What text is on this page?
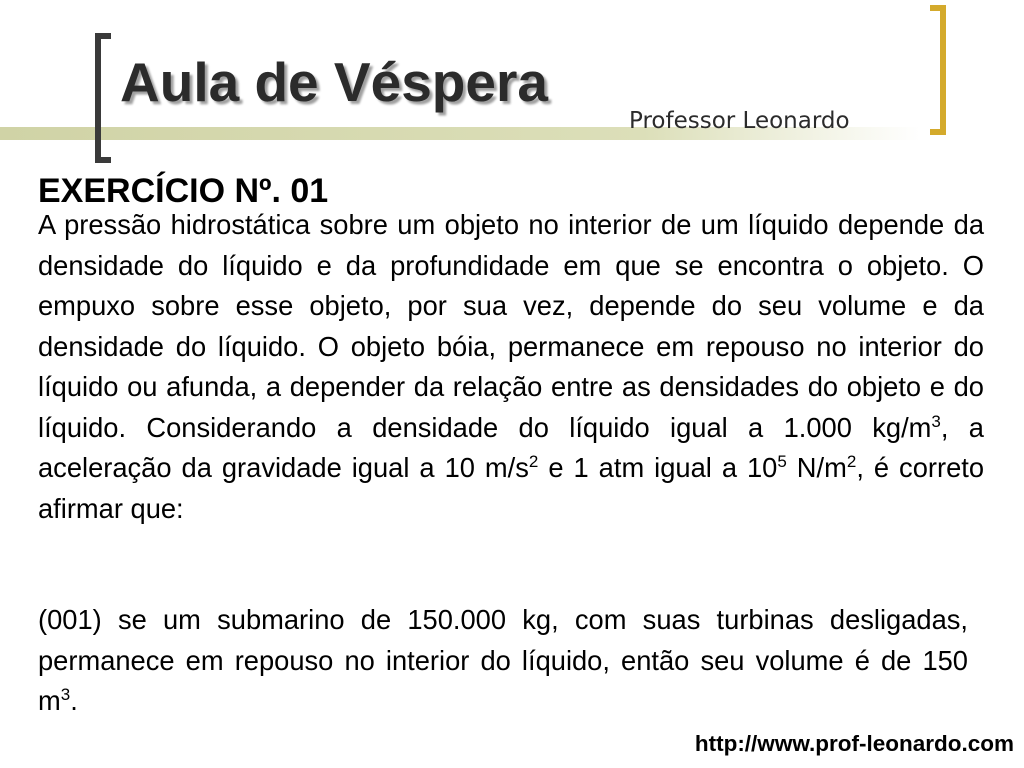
Aula de Véspera
Professor Leonardo
EXERCÍCIO Nº. 01

A pressão hidrostática sobre um objeto no interior de um líquido depende da densidade do líquido e da profundidade em que se encontra o objeto. O empuxo sobre esse objeto, por sua vez, depende do seu volume e da densidade do líquido. O objeto bóia, permanece em repouso no interior do líquido ou afunda, a depender da relação entre as densidades do objeto e do líquido. Considerando a densidade do líquido igual a 1.000 $kg/m^3$, a aceleração da gravidade igual a 10 $m/s^2$ e 1 atm igual a $10^5$ $N/m^2$, é correto afirmar que:

(001) se um submarino de 150.000 kg, com suas turbinas desligadas, permanece em repouso no interior do líquido, então seu volume é de 150 $m^3$.

http://www.prof-leonardo.com
